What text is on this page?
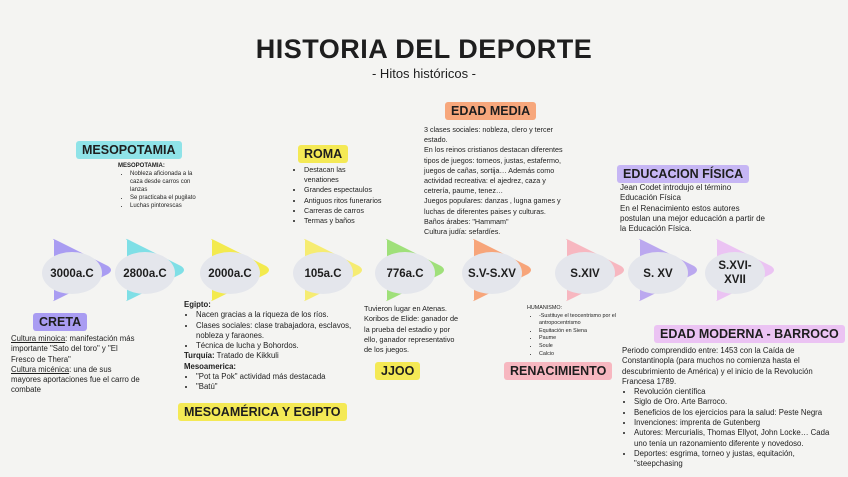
HISTORIA DEL DEPORTE
- Hitos históricos -
3000a.C	2800a.C	2000a.C	105a.C	776a.C	S.V-S.XV	S.XIV	S. XV
S.XVI-
XVII
MESOPOTAMIA
MESOPOTAMIA:
• Nobleza aficionada a la caza desde carros con lanzas
• Se practicaba el pugilato
• Luchas pintorescas
ROMA
• Destacan las venationes
• Grandes espectaulos
• Antiguos ritos funerarios
• Carreras de carros
• Termas y baños
EDAD MEDIA
3 clases sociales: nobleza, clero y tercer estado.
En los reinos cristianos destacan diferentes tipos de juegos: torneos, justas, estafermo, juegos de cañas, sortija… Además como actividad recreativa: el ajedrez, caza y cetrería, paume, tenez…
Juegos populares: danzas , lugna games y luchas de diferentes paises y culturas.
Baños árabes: "Hammam"
Cultura judía: sefardíes.
EDUCACION FÍSICA
Jean Codet introdujo el término Educación Física
En el Renacimiento estos autores postulan una mejor educación a partir de la Educación Física.
CRETA
Cultura minoica: manifestación más importante "Sato del toro" y "El Fresco de Thera"
Cultura micénica: una de sus mayores aportaciones fue el carro de combate
Egipto:
• Nacen gracias a la riqueza de los ríos.
• Clases sociales: clase trabajadora, esclavos, nobleza y faraones.
• Técnica de lucha y Bohordos.
Turquía: Tratado de Kikkuli
Mesoamerica:
• "Pot ta Pok" actividad más destacada
• "Batú"
MESOAMÉRICA Y EGIPTO
Tuvieron lugar en Atenas. Koribos de Elide: ganador de la prueba del estadio y por ello, ganador representativo de los juegos.
JJOO
HUMANISMO:
• -Sustituye el teocentrismo por el antropocentrismo
• Equitación en Siena
• Paume
• Soule
• Calcio
RENACIMIENTO
EDAD MODERNA - BARROCO
Periodo comprendido entre: 1453 con la Caída de Constantinopla (para muchos no comienza hasta el descubrimiento de América) y el inicio de la Revolución Francesa 1789.
• Revolución científica
• Siglo de Oro. Arte Barroco.
• Beneficios de los ejercicios para la salud: Peste Negra
• Invenciones: imprenta de Gutenberg
• Autores: Mercurialis, Thomas Ellyot, John Locke… Cada uno tenía un razonamiento diferente y novedoso.
• Deportes: esgrima, torneo y justas, equitación, "steepchasing
